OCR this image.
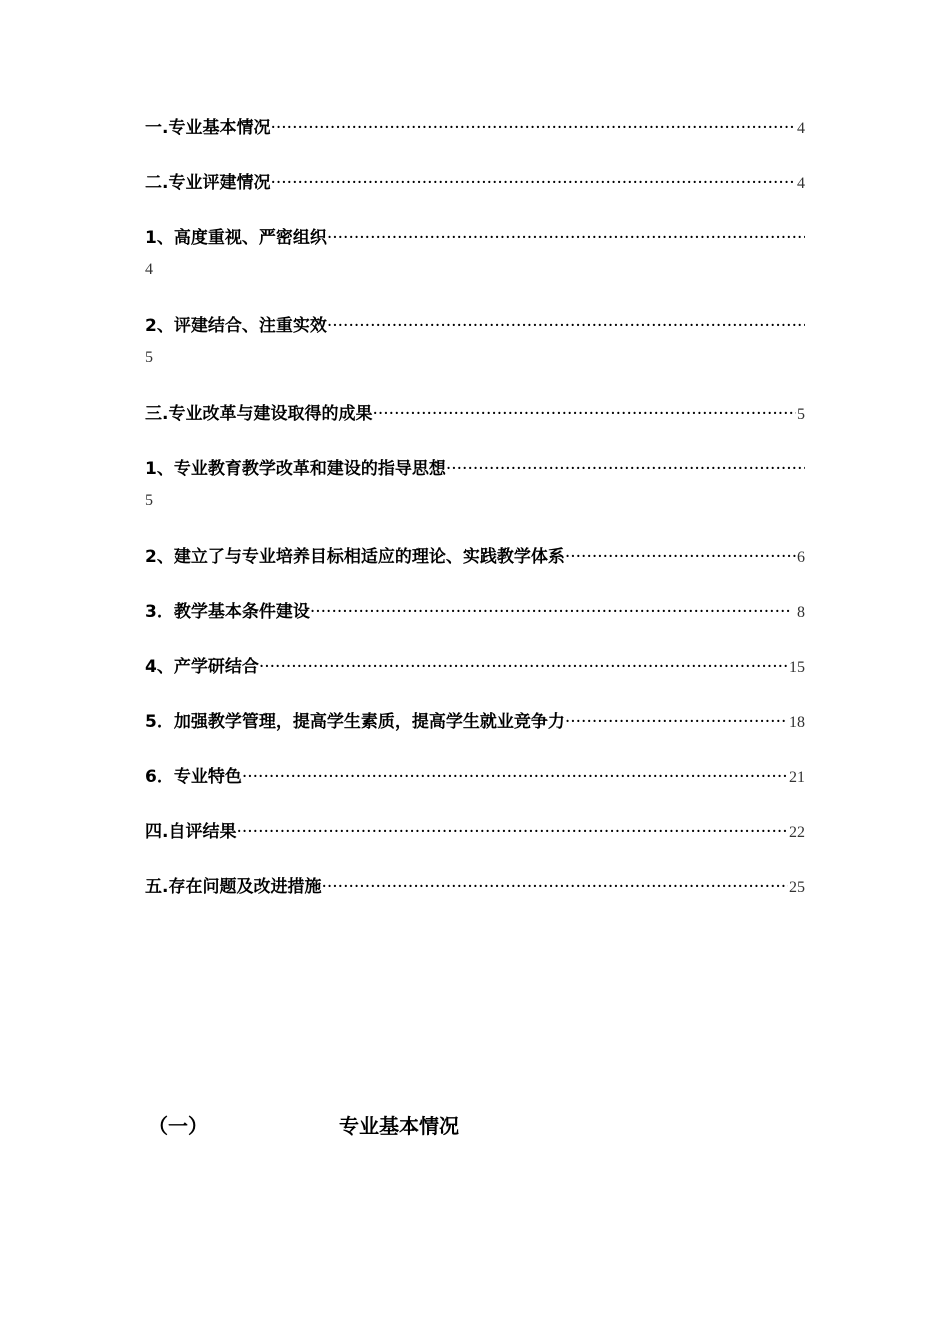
一.专业基本情况 ·····	4
二.专业评建情况 ·····	4
1、高度重视、严密组织
·····
4
2、评建结合、注重实效
·····
5
三.专业改革与建设取得的成果 ·····	5
1、专业教育教学改革和建设的指导思想
·····
5
2、建立了与专业培养目标相适应的理论、实践教学体系 ·····	6
3．教学基本条件建设 ·····	8
4、产学研结合 ·····	15
5．加强教学管理，提高学生素质，提高学生就业竞争力 ·····	18
6．专业特色 ·····	21
四.自评结果 ·····	22
五.存在问题及改进措施 ·····	25
（一）	专业基本情况
